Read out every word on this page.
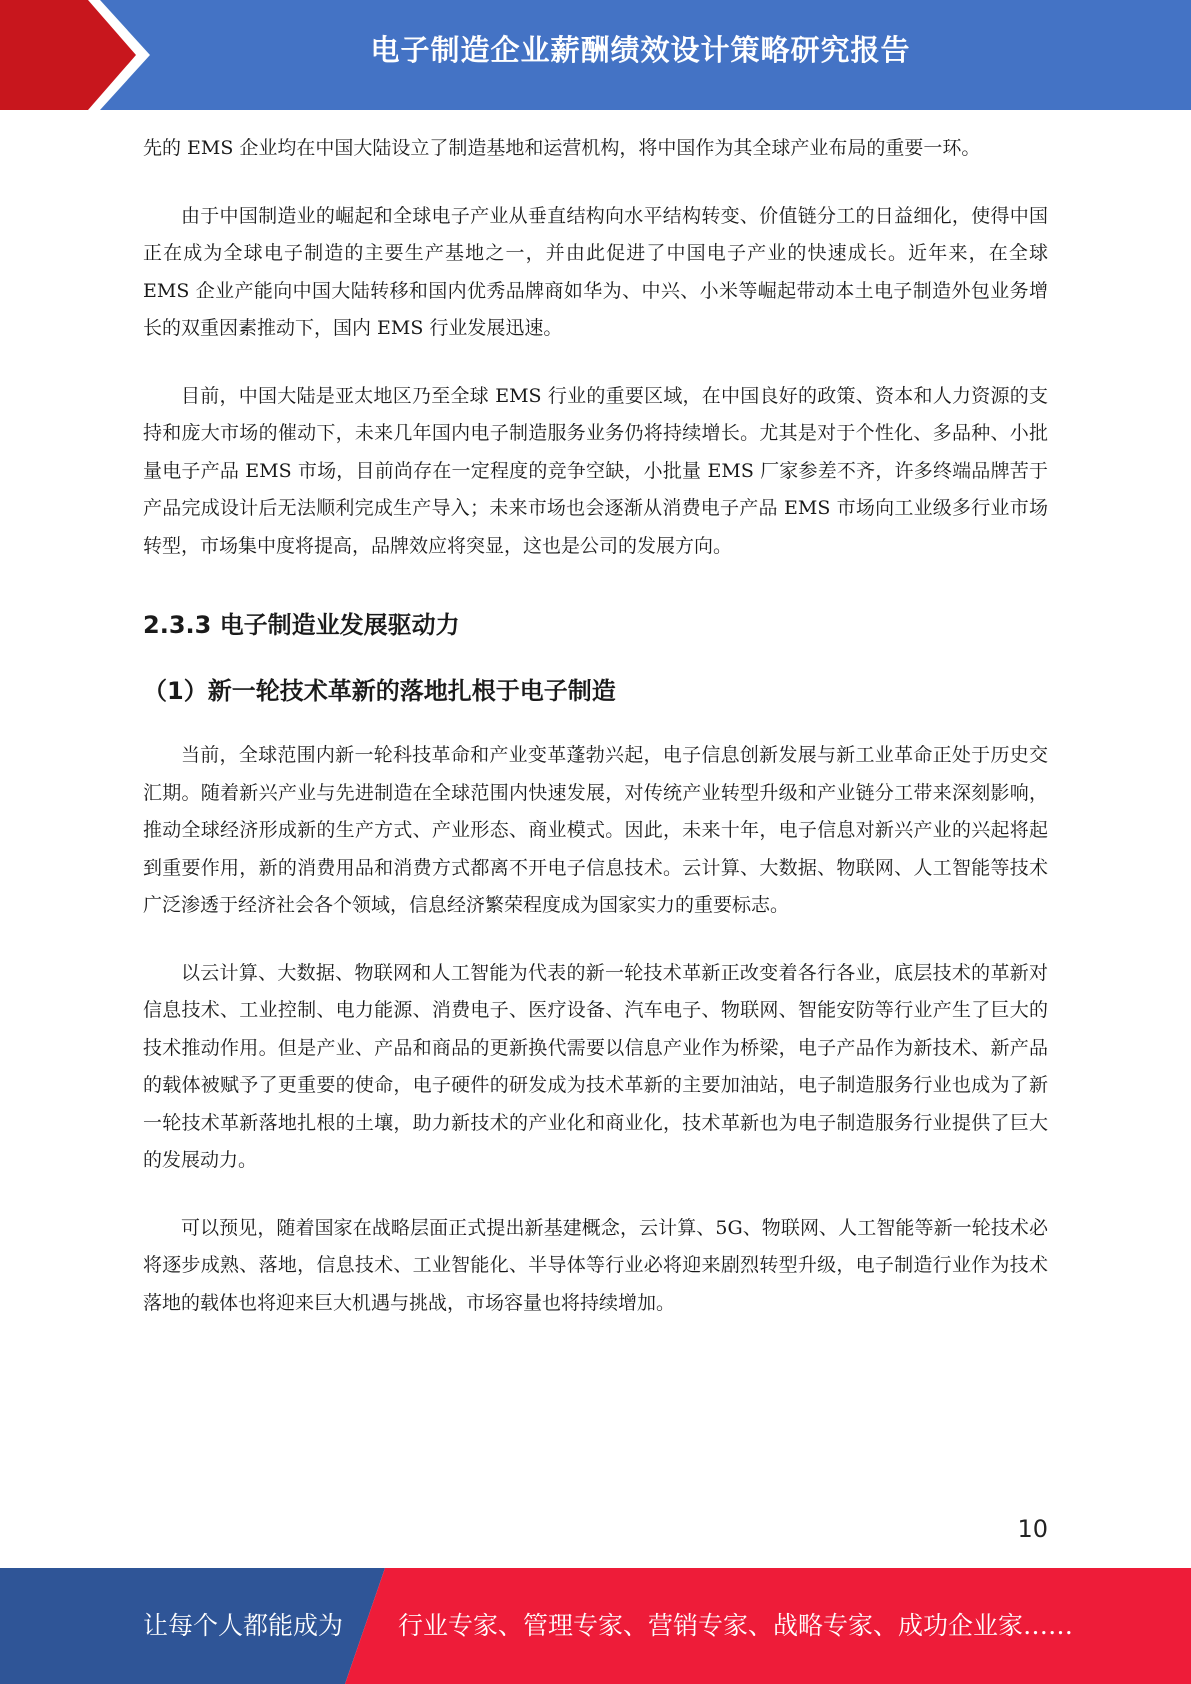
电子制造企业薪酬绩效设计策略研究报告

先的 EMS 企业均在中国大陆设立了制造基地和运营机构，将中国作为其全球产业布局的重要一环。

由于中国制造业的崛起和全球电子产业从垂直结构向水平结构转变、价值链分工的日益细化，使得中国正在成为全球电子制造的主要生产基地之一，并由此促进了中国电子产业的快速成长。近年来，在全球 EMS 企业产能向中国大陆转移和国内优秀品牌商如华为、中兴、小米等崛起带动本土电子制造外包业务增长的双重因素推动下，国内 EMS 行业发展迅速。

目前，中国大陆是亚太地区乃至全球 EMS 行业的重要区域，在中国良好的政策、资本和人力资源的支持和庞大市场的催动下，未来几年国内电子制造服务业务仍将持续增长。尤其是对于个性化、多品种、小批量电子产品 EMS 市场，目前尚存在一定程度的竞争空缺，小批量 EMS 厂家参差不齐，许多终端品牌苦于产品完成设计后无法顺利完成生产导入；未来市场也会逐渐从消费电子产品 EMS 市场向工业级多行业市场转型，市场集中度将提高，品牌效应将突显，这也是公司的发展方向。

2.3.3 电子制造业发展驱动力
（1）新一轮技术革新的落地扎根于电子制造

当前，全球范围内新一轮科技革命和产业变革蓬勃兴起，电子信息创新发展与新工业革命正处于历史交汇期。随着新兴产业与先进制造在全球范围内快速发展，对传统产业转型升级和产业链分工带来深刻影响，推动全球经济形成新的生产方式、产业形态、商业模式。因此，未来十年，电子信息对新兴产业的兴起将起到重要作用，新的消费用品和消费方式都离不开电子信息技术。云计算、大数据、物联网、人工智能等技术广泛渗透于经济社会各个领域，信息经济繁荣程度成为国家实力的重要标志。

以云计算、大数据、物联网和人工智能为代表的新一轮技术革新正改变着各行各业，底层技术的革新对信息技术、工业控制、电力能源、消费电子、医疗设备、汽车电子、物联网、智能安防等行业产生了巨大的技术推动作用。但是产业、产品和商品的更新换代需要以信息产业作为桥梁，电子产品作为新技术、新产品的载体被赋予了更重要的使命，电子硬件的研发成为技术革新的主要加油站，电子制造服务行业也成为了新一轮技术革新落地扎根的土壤，助力新技术的产业化和商业化，技术革新也为电子制造服务行业提供了巨大的发展动力。

可以预见，随着国家在战略层面正式提出新基建概念，云计算、5G、物联网、人工智能等新一轮技术必将逐步成熟、落地，信息技术、工业智能化、半导体等行业必将迎来剧烈转型升级，电子制造行业作为技术落地的载体也将迎来巨大机遇与挑战，市场容量也将持续增加。

10
让每个人都能成为 行业专家、管理专家、营销专家、战略专家、成功企业家……
